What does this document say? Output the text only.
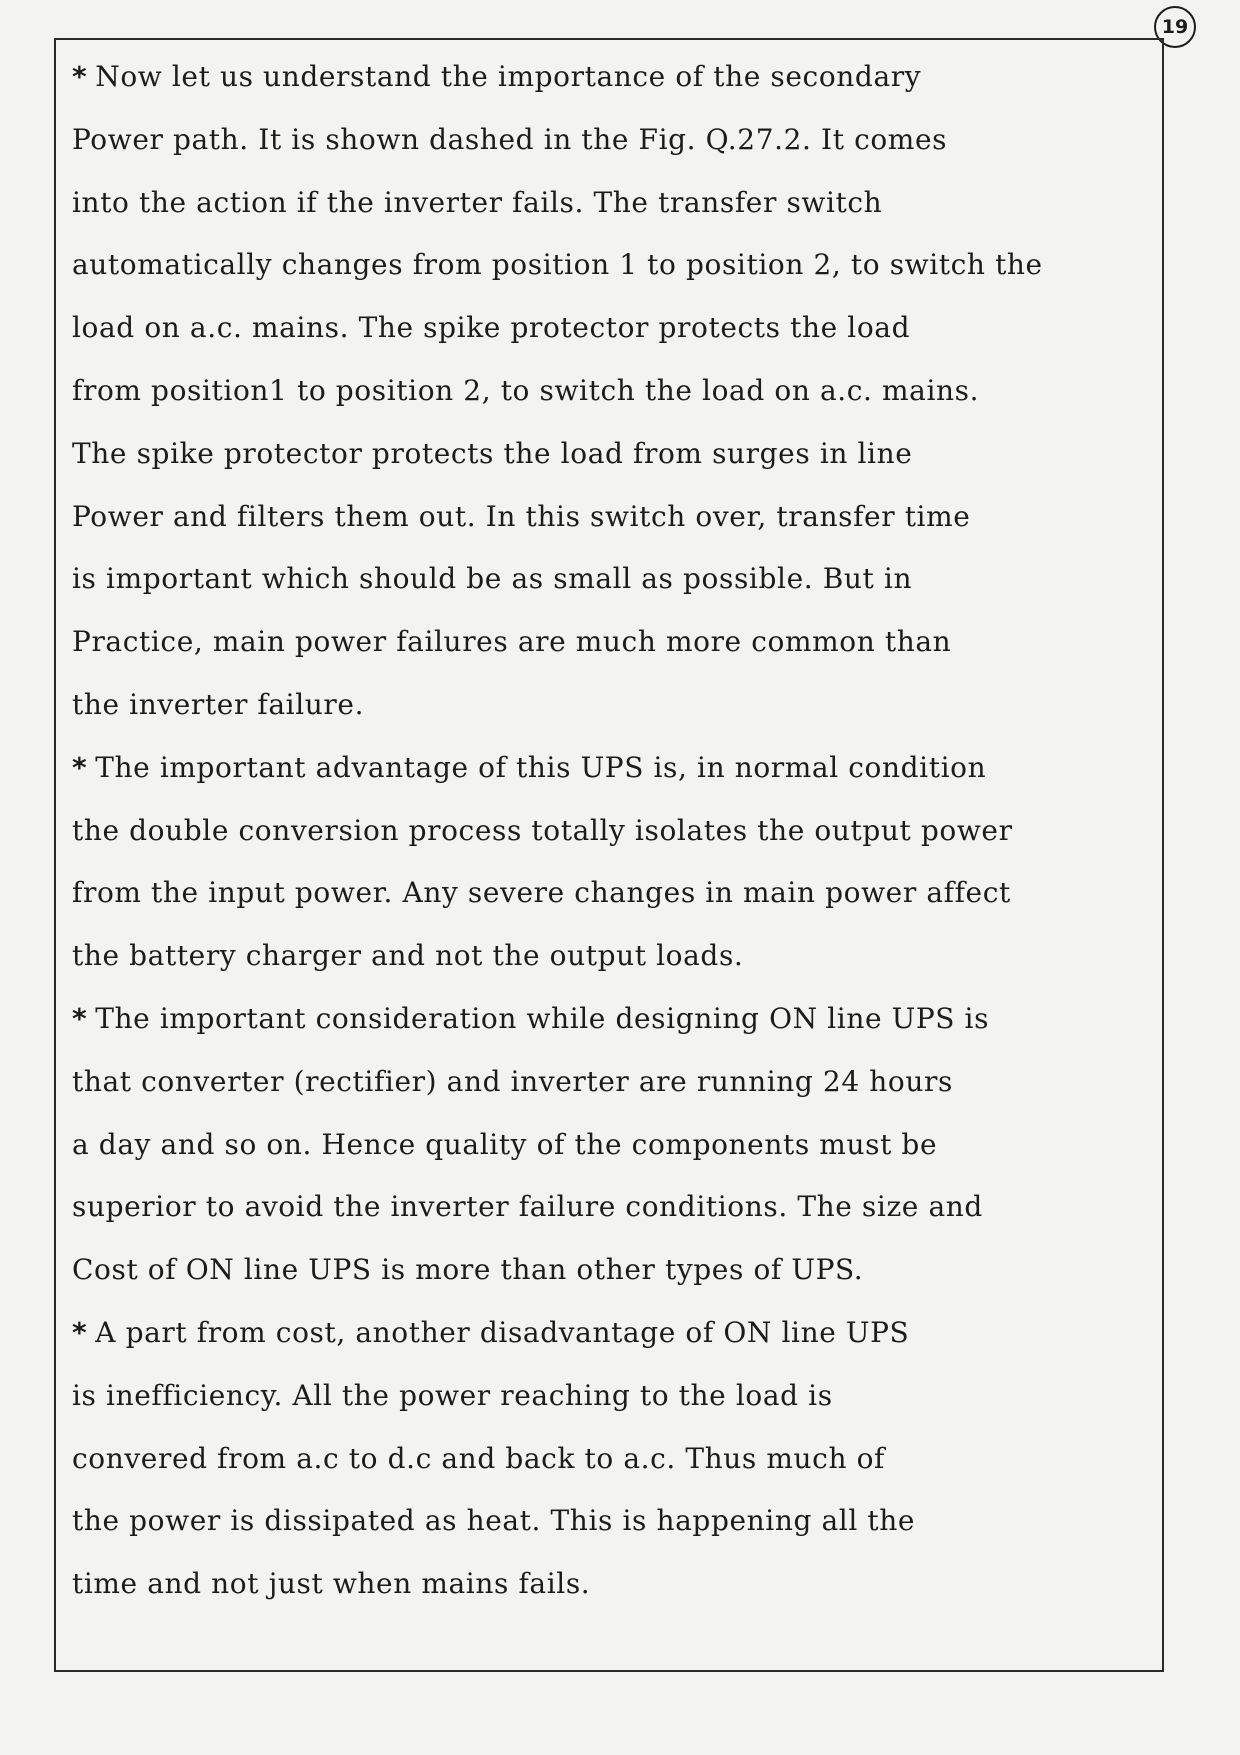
19
* Now let us understand the importance of the secondary
Power path. It is shown dashed in the Fig. Q.27.2. It comes
into the action if the inverter fails. The transfer switch
automatically changes from position 1 to position 2, to switch the
load on a.c. mains. The spike protector protects the load
from position1 to position 2, to switch the load on a.c. mains.
The spike protector protects the load from surges in line
Power and filters them out. In this switch over, transfer time
is important which should be as small as possible. But in
Practice, main power failures are much more common than
the inverter failure.
* The important advantage of this UPS is, in normal condition
the double conversion process totally isolates the output power
from the input power. Any severe changes in main power affect
the battery charger and not the output loads.
* The important consideration while designing ON line UPS is
that converter (rectifier) and inverter are running 24 hours
a day and so on. Hence quality of the components must be
superior to avoid the inverter failure conditions. The size and
Cost of ON line UPS is more than other types of UPS.
* A part from cost, another disadvantage of ON line UPS
is inefficiency. All the power reaching to the load is
convered from a.c to d.c and back to a.c. Thus much of
the power is dissipated as heat. This is happening all the
time and not just when mains fails.
